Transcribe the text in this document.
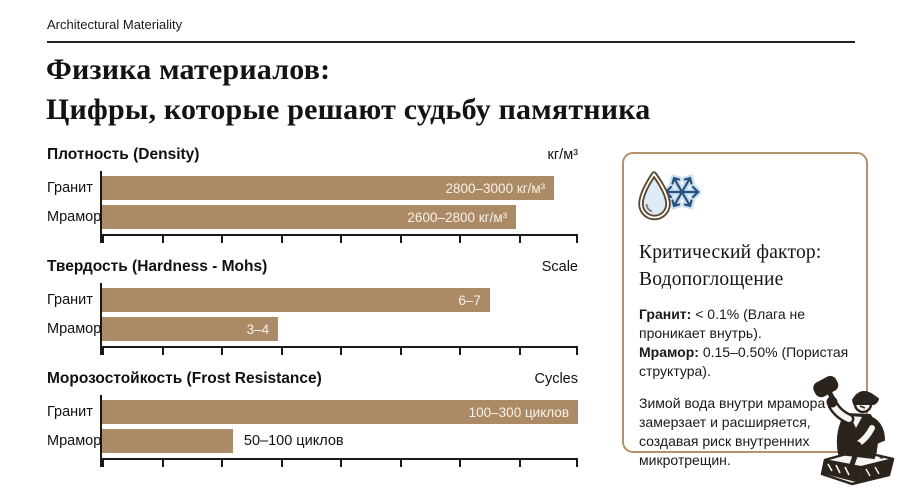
Architectural Materiality
Физика материалов:
Цифры, которые решают судьбу памятника
Плотность (Density)	кг/м³
Гранит
Мрамор
2800–3000 кг/м³
2600–2800 кг/м³
Твердость (Hardness - Mohs)	Scale
Гранит
Мрамор
6–7
3–4
Морозостойкость (Frost Resistance)	Cycles
Гранит
Мрамор
100–300 циклов
50–100 циклов
Критический фактор:
Водопоглощение

Гранит: < 0.1% (Влага не проникает внутрь).
Мрамор: 0.15–0.50% (Пористая структура).

Зимой вода внутри мрамора замерзает и расширяется, создавая риск внутренних микротрещин.
